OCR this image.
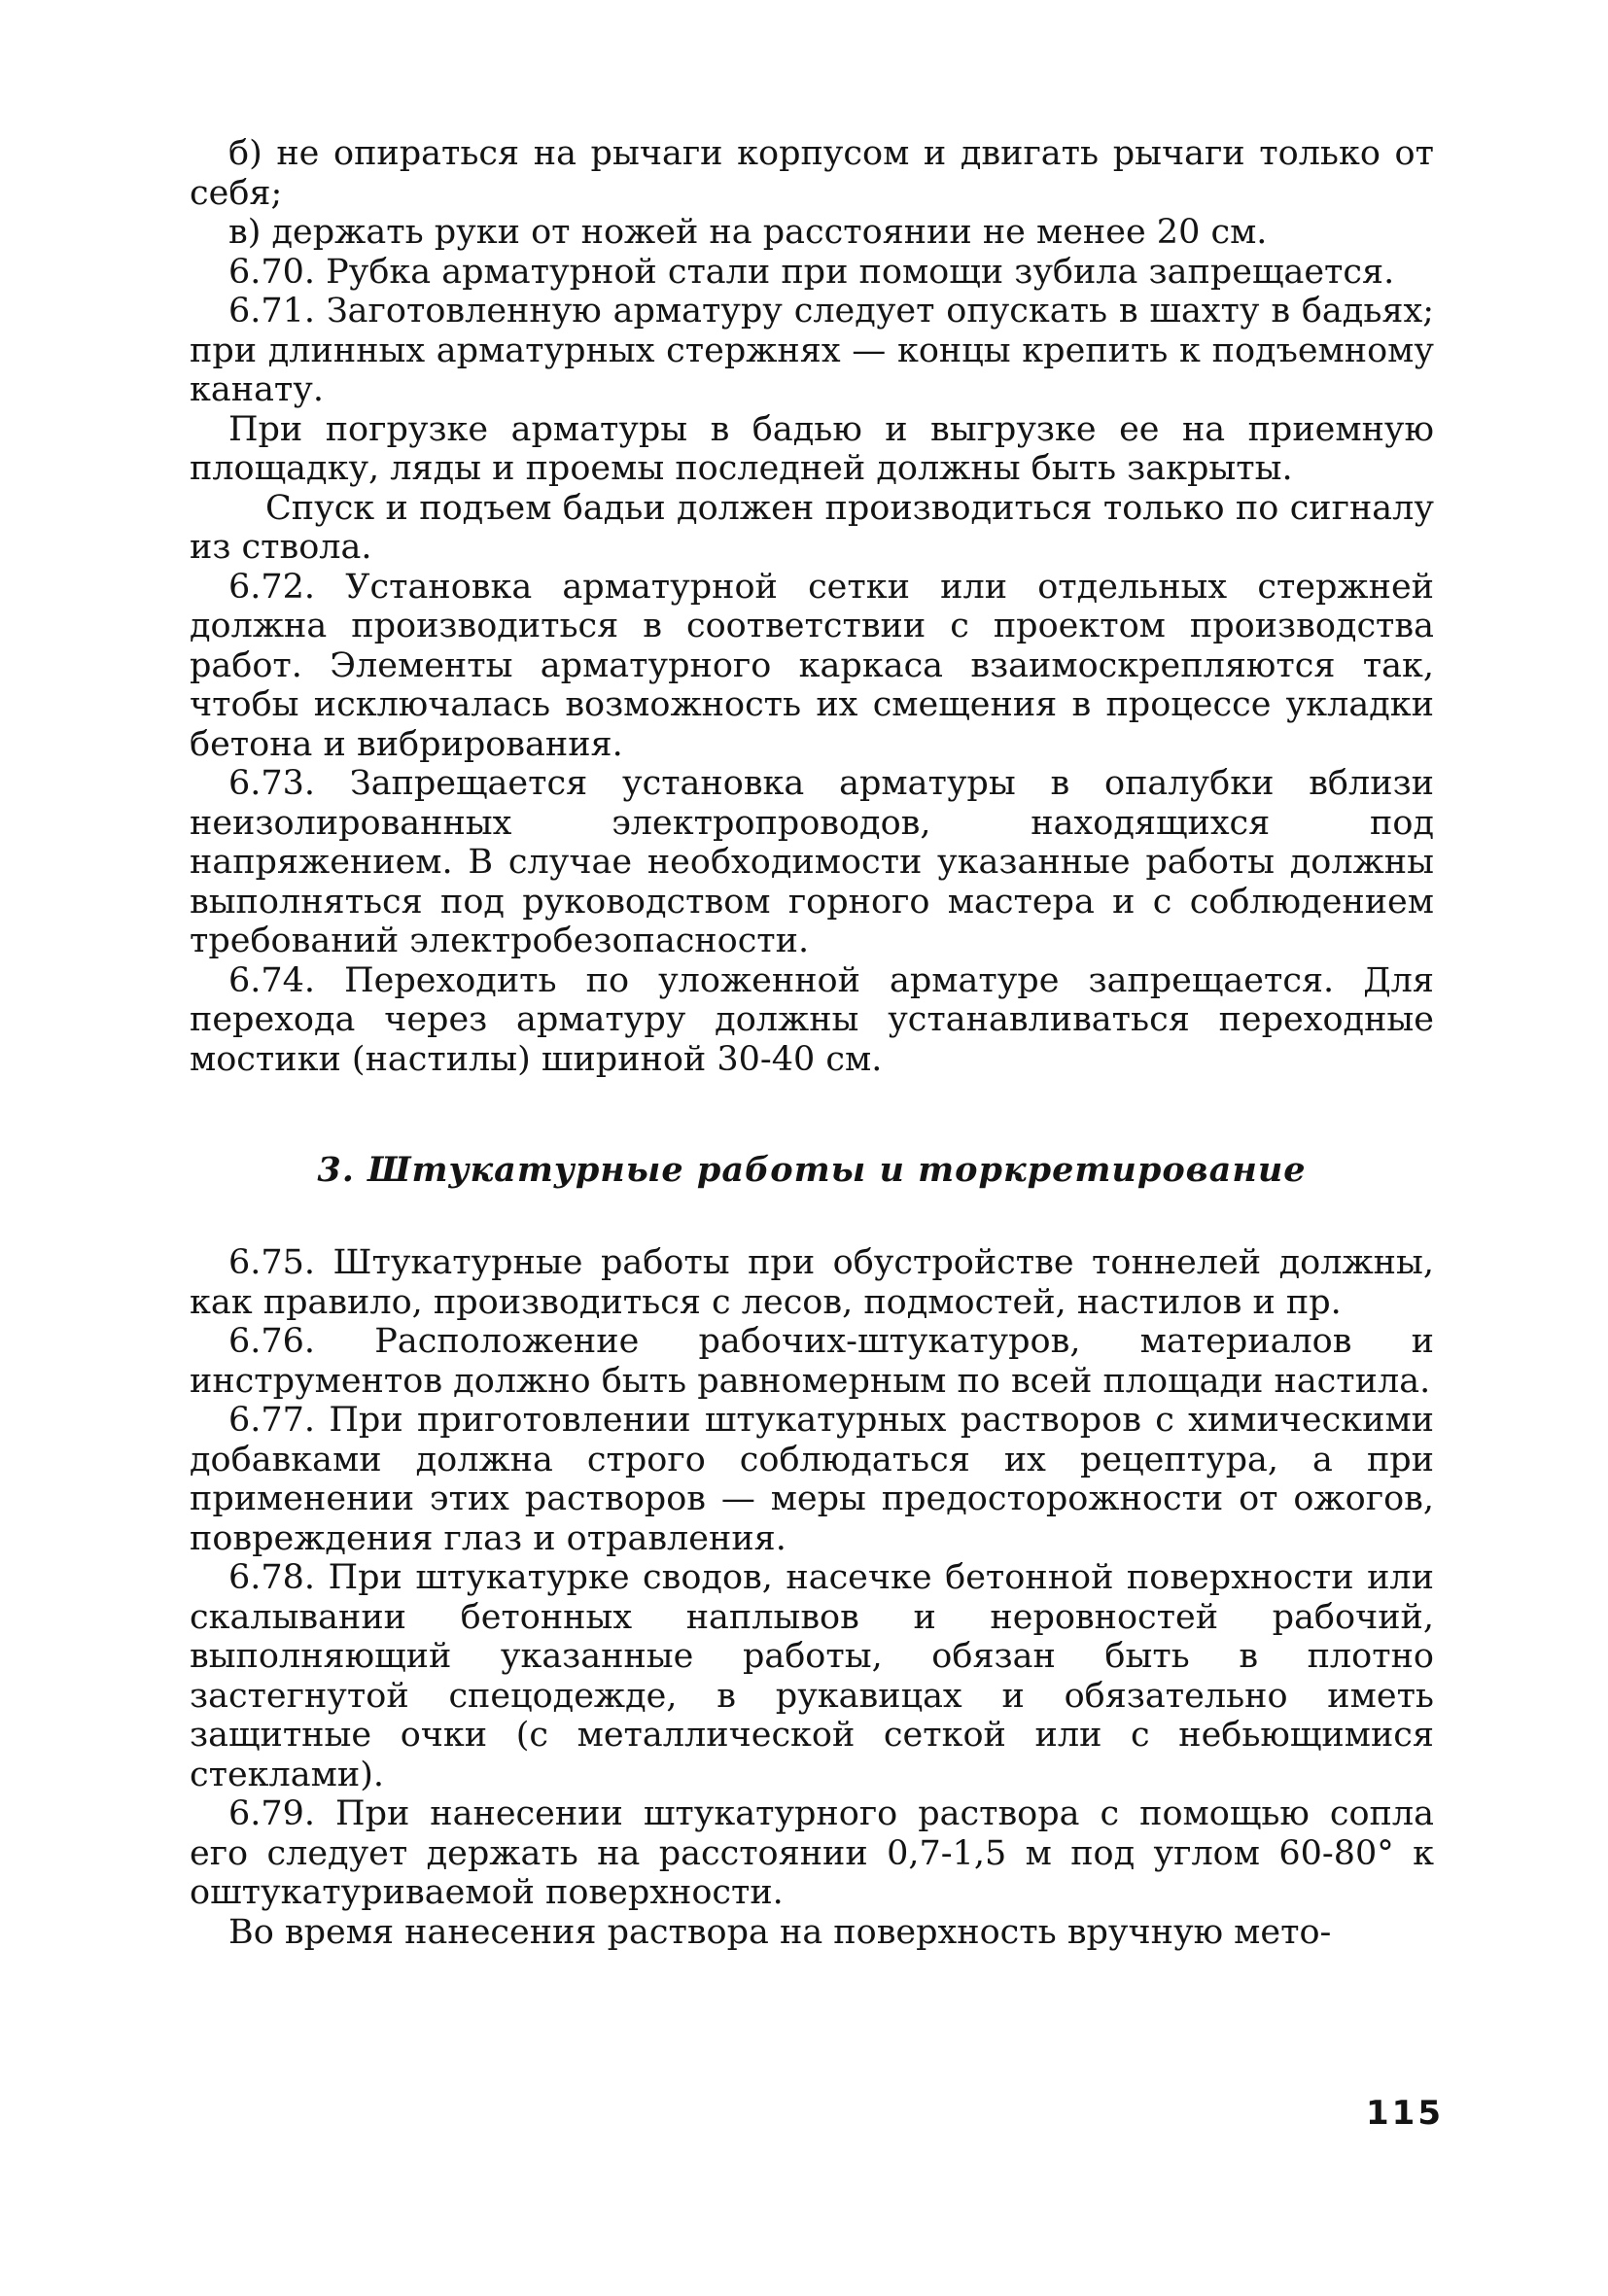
б) не опираться на рычаги корпусом и двигать рычаги только от себя;

в) держать руки от ножей на расстоянии не менее 20 см.

6.70. Рубка арматурной стали при помощи зубила запрещается.

6.71. Заготовленную арматуру следует опускать в шахту в бадьях; при длинных арматурных стержнях — концы крепить к подъемному канату.

При погрузке арматуры в бадью и выгрузке ее на приемную площадку, ляды и проемы последней должны быть закрыты.

Спуск и подъем бадьи должен производиться только по сигналу из ствола.

6.72. Установка арматурной сетки или отдельных стержней должна производиться в соответствии с проектом производства работ. Элементы арматурного каркаса взаимоскрепляются так, чтобы исключалась возможность их смещения в процессе укладки бетона и вибрирования.

6.73. Запрещается установка арматуры в опалубки вблизи неизолированных электропроводов, находящихся под напряжением. В случае необходимости указанные работы должны выполняться под руководством горного мастера и с соблюдением требований электробезопасности.

6.74. Переходить по уложенной арматуре запрещается. Для перехода через арматуру должны устанавливаться переходные мостики (настилы) шириной 30-40 см.

3. Штукатурные работы и торкретирование

6.75. Штукатурные работы при обустройстве тоннелей должны, как правило, производиться с лесов, подмостей, настилов и пр.

6.76. Расположение рабочих-штукатуров, материалов и инструментов должно быть равномерным по всей площади настила.

6.77. При приготовлении штукатурных растворов с химическими добавками должна строго соблюдаться их рецептура, а при применении этих растворов — меры предосторожности от ожогов, повреждения глаз и отравления.

6.78. При штукатурке сводов, насечке бетонной поверхности или скалывании бетонных наплывов и неровностей рабочий, выполняющий указанные работы, обязан быть в плотно застегнутой спецодежде, в рукавицах и обязательно иметь защитные очки (с металлической сеткой или с небьющимися стеклами).

6.79. При нанесении штукатурного раствора с помощью сопла его следует держать на расстоянии 0,7-1,5 м под углом 60-80° к оштукатуриваемой поверхности.

Во время нанесения раствора на поверхность вручную мето-

115
